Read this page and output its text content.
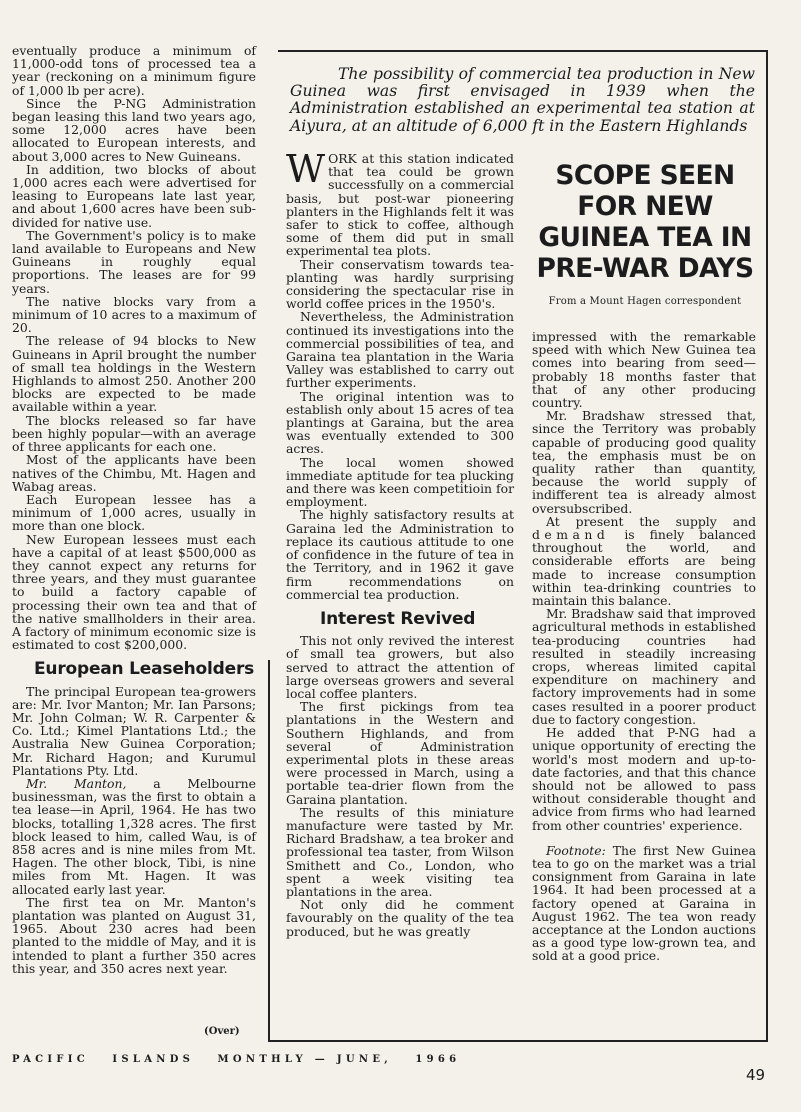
eventually produce a minimum of 11,000-odd tons of processed tea a year (reckoning on a minimum figure of 1,000 lb per acre).

Since the P-NG Administration began leasing this land two years ago, some 12,000 acres have been allocated to European interests, and about 3,000 acres to New Guineans.

In addition, two blocks of about 1,000 acres each were advertised for leasing to Europeans late last year, and about 1,600 acres have been sub-divided for native use.

The Government's policy is to make land available to Europeans and New Guineans in roughly equal proportions. The leases are for 99 years.

The native blocks vary from a minimum of 10 acres to a maximum of 20.

The release of 94 blocks to New Guineans in April brought the number of small tea holdings in the Western Highlands to almost 250. Another 200 blocks are expected to be made available within a year.

The blocks released so far have been highly popular—with an average of three applicants for each one.

Most of the applicants have been natives of the Chimbu, Mt. Hagen and Wabag areas.

Each European lessee has a minimum of 1,000 acres, usually in more than one block.

New European lessees must each have a capital of at least $500,000 as they cannot expect any returns for three years, and they must guarantee to build a factory capable of processing their own tea and that of the native smallholders in their area. A factory of minimum economic size is estimated to cost $200,000.

European Leaseholders

The principal European tea-growers are: Mr. Ivor Manton; Mr. Ian Parsons; Mr. John Colman; W. R. Carpenter & Co. Ltd.; Kimel Plantations Ltd.; the Australia New Guinea Corporation; Mr. Richard Hagon; and Kurumul Plantations Pty. Ltd.

Mr. Manton, a Melbourne businessman, was the first to obtain a tea lease—in April, 1964. He has two blocks, totalling 1,328 acres. The first block leased to him, called Wau, is of 858 acres and is nine miles from Mt. Hagen. The other block, Tibi, is nine miles from Mt. Hagen. It was allocated early last year.

The first tea on Mr. Manton's plantation was planted on August 31, 1965. About 230 acres had been planted to the middle of May, and it is intended to plant a further 350 acres this year, and 350 acres next year.

(Over)

The possibility of commercial tea production in New Guinea was first envisaged in 1939 when the Administration established an experimental tea station at Aiyura, at an altitude of 6,000 ft in the Eastern Highlands

WORK at this station indicated that tea could be grown successfully on a commercial basis, but post-war pioneering planters in the Highlands felt it was safer to stick to coffee, although some of them did put in small experimental tea plots.

Their conservatism towards tea-planting was hardly surprising considering the spectacular rise in world coffee prices in the 1950's.

Nevertheless, the Administration continued its investigations into the commercial possibilities of tea, and Garaina tea plantation in the Waria Valley was established to carry out further experiments.

The original intention was to establish only about 15 acres of tea plantings at Garaina, but the area was eventually extended to 300 acres.

The local women showed immediate aptitude for tea plucking and there was keen competitioin for employment.

The highly satisfactory results at Garaina led the Administration to replace its cautious attitude to one of confidence in the future of tea in the Territory, and in 1962 it gave firm recommendations on commercial tea production.

Interest Revived

This not only revived the interest of small tea growers, but also served to attract the attention of large overseas growers and several local coffee planters.

The first pickings from tea plantations in the Western and Southern Highlands, and from several of Administration experimental plots in these areas were processed in March, using a portable tea-drier flown from the Garaina plantation.

The results of this miniature manufacture were tasted by Mr. Richard Bradshaw, a tea broker and professional tea taster, from Wilson Smithett and Co., London, who spent a week visiting tea plantations in the area.

Not only did he comment favourably on the quality of the tea produced, but he was greatly

SCOPE SEEN FOR NEW GUINEA TEA IN PRE-WAR DAYS

From a Mount Hagen correspondent

impressed with the remarkable speed with which New Guinea tea comes into bearing from seed—probably 18 months faster that that of any other producing country.

Mr. Bradshaw stressed that, since the Territory was probably capable of producing good quality tea, the emphasis must be on quality rather than quantity, because the world supply of indifferent tea is already almost oversubscribed.

At present the supply and demand is finely balanced throughout the world, and considerable efforts are being made to increase consumption within tea-drinking countries to maintain this balance.

Mr. Bradshaw said that improved agricultural methods in established tea-producing countries had resulted in steadily increasing crops, whereas limited capital expenditure on machinery and factory improvements had in some cases resulted in a poorer product due to factory congestion.

He added that P-NG had a unique opportunity of erecting the world's most modern and up-to-date factories, and that this chance should not be allowed to pass without considerable thought and advice from firms who had learned from other countries' experience.

Footnote: The first New Guinea tea to go on the market was a trial consignment from Garaina in late 1964. It had been processed at a factory opened at Garaina in August 1962. The tea won ready acceptance at the London auctions as a good type low-grown tea, and sold at a good price.

PACIFIC   ISLANDS   MONTHLY — JUNE,   1966
49
